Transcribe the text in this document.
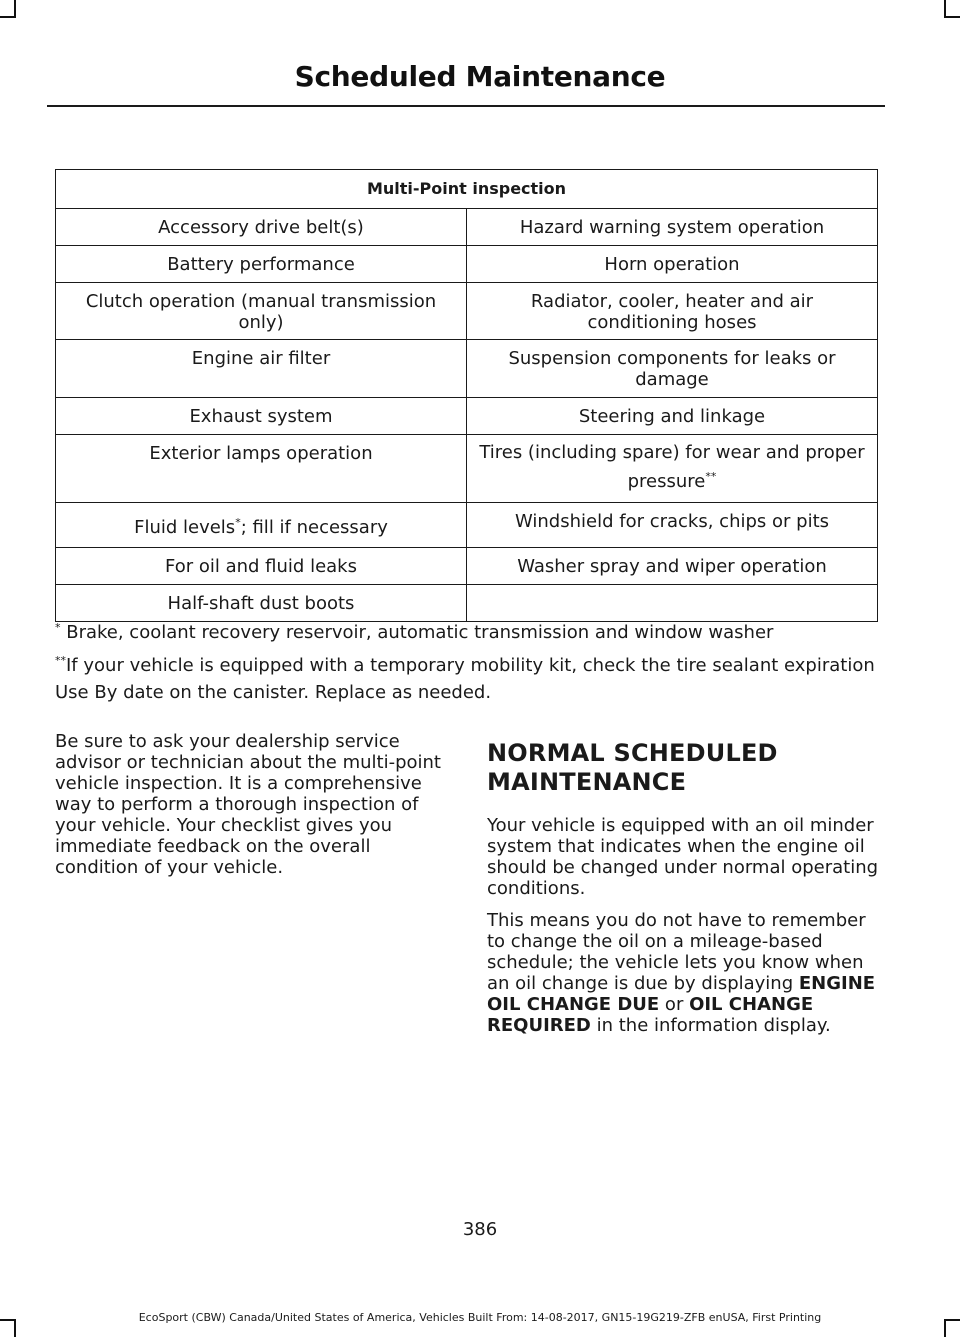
Scheduled Maintenance
Multi-Point inspection	
Accessory drive belt(s)	Hazard warning system operation
Battery performance	Horn operation
Clutch operation (manual transmission only)	Radiator, cooler, heater and air conditioning hoses
Engine air filter	Suspension components for leaks or damage
Exhaust system	Steering and linkage
Exterior lamps operation	Tires (including spare) for wear and proper pressure**
Fluid levels*; fill if necessary	Windshield for cracks, chips or pits
For oil and fluid leaks	Washer spray and wiper operation
Half-shaft dust boots	
* Brake, coolant recovery reservoir, automatic transmission and window washer
**If your vehicle is equipped with a temporary mobility kit, check the tire sealant expiration Use By date on the canister. Replace as needed.

Be sure to ask your dealership service advisor or technician about the multi-point vehicle inspection. It is a comprehensive way to perform a thorough inspection of your vehicle. Your checklist gives you immediate feedback on the overall condition of your vehicle.

NORMAL SCHEDULED MAINTENANCE

Your vehicle is equipped with an oil minder system that indicates when the engine oil should be changed under normal operating conditions.

This means you do not have to remember to change the oil on a mileage-based schedule; the vehicle lets you know when an oil change is due by displaying ENGINE OIL CHANGE DUE or OIL CHANGE REQUIRED in the information display.

386
EcoSport (CBW) Canada/United States of America, Vehicles Built From: 14-08-2017, GN15-19G219-ZFB enUSA, First Printing
